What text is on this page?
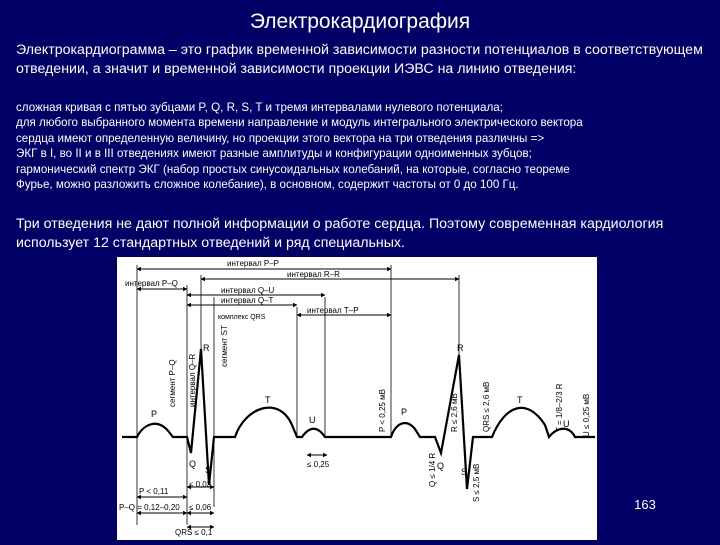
Электрокардиография
Электрокардиограмма – это график временной зависимости разности потенциалов в соответствующем отведении, а значит и временной зависимости проекции ИЭВС на линию отведения:
сложная кривая с пятью зубцами P, Q, R, S, T и тремя интервалами нулевого потенциала;
для любого выбранного момента времени направление и модуль интегрального электрического вектора
сердца имеют определенную величину, но проекции этого вектора на три отведения различны =>
ЭКГ в I, во II и в III отведениях имеют разные амплитуды и конфигурации одноименных зубцов;
гармонический спектр ЭКГ (набор простых синусоидальных колебаний, на которые, согласно теореме
Фурье, можно разложить сложное колебание), в основном, содержит частоты от 0 до 100 Гц.
Три отведения не дают полной информации о работе сердца. Поэтому современная кардиология использует 12 стандартных отведений и ряд специальных.
интервал P–P
интервал R–R
интервал P–Q
интервал Q–U
интервал Q–T
интервал T–P
комплекс QRS
сегмент P–Q интервал Q–R
сегмент ST
P < 0,25 мВ	R ≤ 2,6 мВ	QRS ≤ 2,6 мВ	T = 1/8–2/3 R U ≤ 0,25 мВ
Q ≤ 1/4 R	S ≤ 2,5 мВ
P
Q
R
S
T
U
P
R
Q
S
T
U
≤ 0,25
≤ 0,03
P < 0,11
P–Q = 0,12–0,20 ≤ 0,06
QRS ≤ 0,1
163
